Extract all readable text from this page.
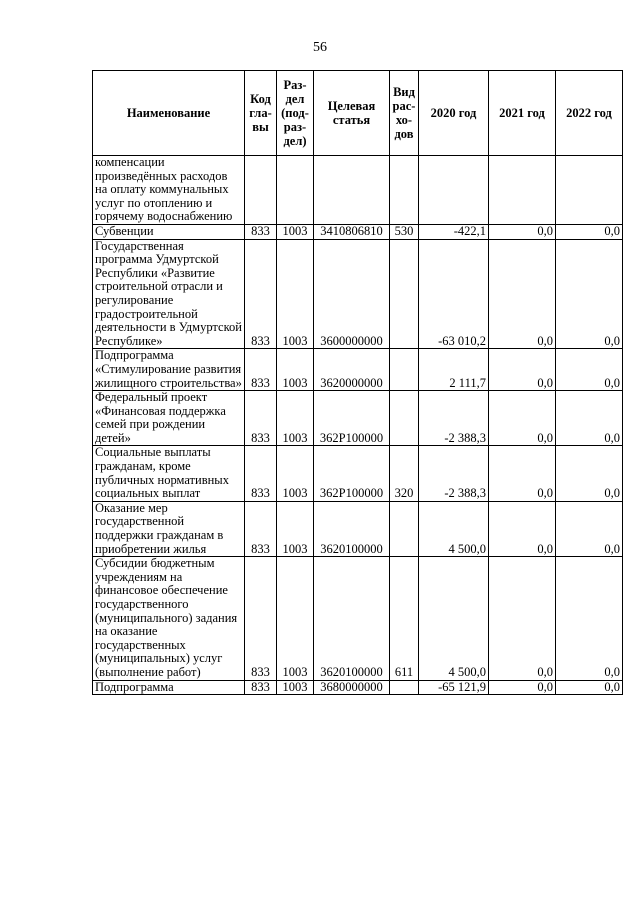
56
Наименование	Код гла- вы	Раз- дел (под- раз- дел)	Целевая статья	Вид рас- хо- дов	2020 год	2021 год	2022 год
компенсации произведённых расходов на оплату коммунальных услуг по отоплению и горячему водоснабжению							
Субвенции	833	1003	3410806810	530	-422,1	0,0	0,0
Государственная программа Удмуртской Республики «Развитие строительной отрасли и регулирование градостроительной деятельности в Удмуртской Республике»	833	1003	3600000000		-63 010,2	0,0	0,0
Подпрограмма «Стимулирование развития жилищного строительства»	833	1003	3620000000		2 111,7	0,0	0,0
Федеральный проект «Финансовая поддержка семей при рождении детей»	833	1003	362P100000		-2 388,3	0,0	0,0
Социальные выплаты гражданам, кроме публичных нормативных социальных выплат	833	1003	362P100000	320	-2 388,3	0,0	0,0
Оказание мер государственной поддержки гражданам в приобретении жилья	833	1003	3620100000		4 500,0	0,0	0,0
Субсидии бюджетным учреждениям на финансовое обеспечение государственного (муниципального) задания на оказание государственных (муниципальных) услуг (выполнение работ)	833	1003	3620100000	611	4 500,0	0,0	0,0
Подпрограмма	833	1003	3680000000		-65 121,9	0,0	0,0
